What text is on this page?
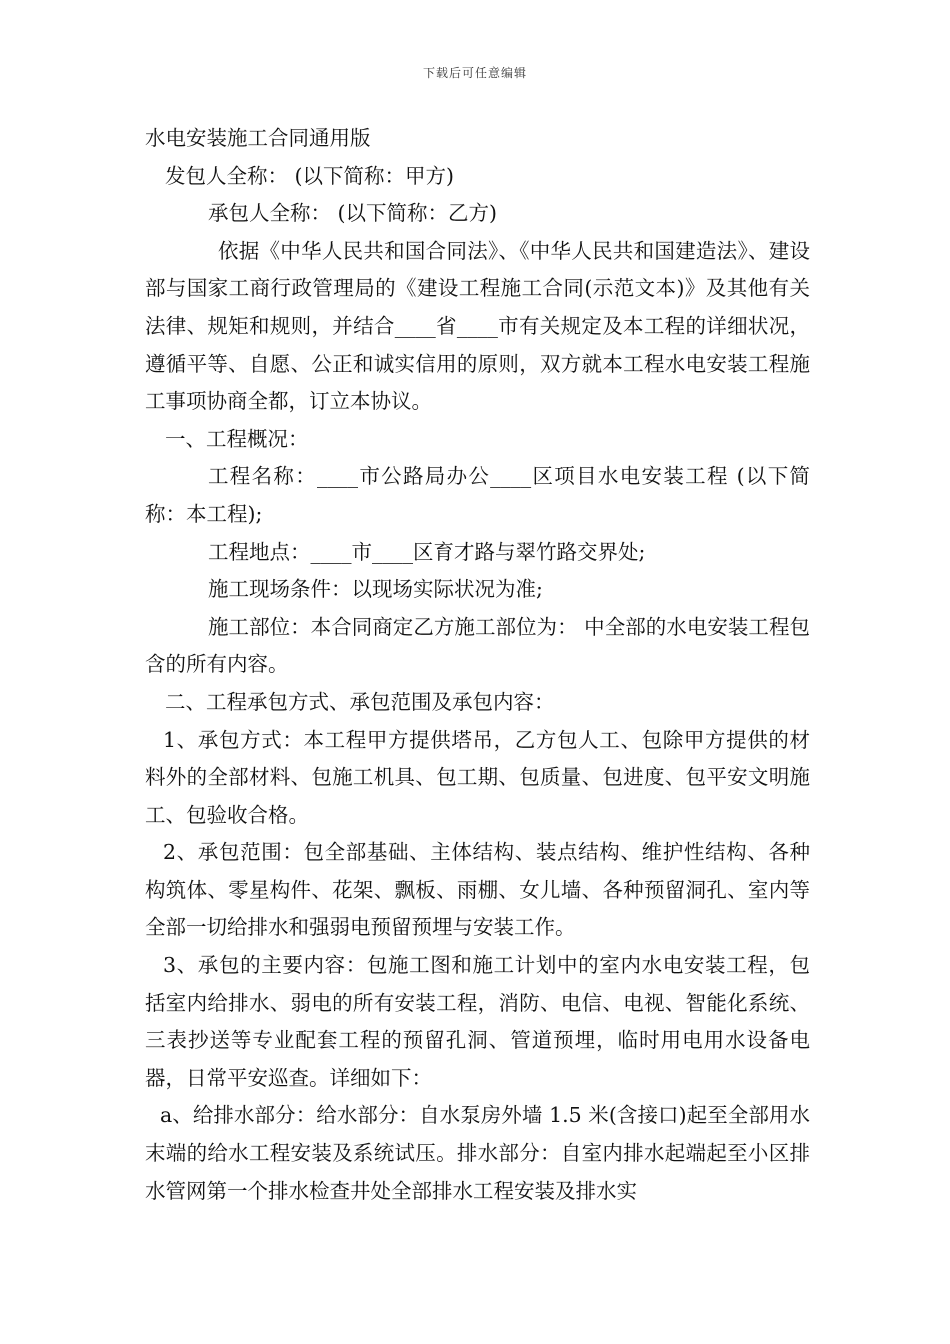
下载后可任意编辑
水电安装施工合同通用版

发包人全称： (以下简称：甲方)

承包人全称： (以下简称：乙方)

依据《中华人民共和国合同法》、《中华人民共和国建造法》、建设部与国家工商行政管理局的《建设工程施工合同(示范文本)》及其他有关法律、规矩和规则，并结合____省____市有关规定及本工程的详细状况，遵循平等、自愿、公正和诚实信用的原则，双方就本工程水电安装工程施工事项协商全都，订立本协议。

一、工程概况：

工程名称：____市公路局办公____区项目水电安装工程 (以下简称：本工程);

工程地点：____市____区育才路与翠竹路交界处;

施工现场条件：以现场实际状况为准;

施工部位：本合同商定乙方施工部位为： 中全部的水电安装工程包含的所有内容。

二、工程承包方式、承包范围及承包内容：

1、承包方式：本工程甲方提供塔吊，乙方包人工、包除甲方提供的材料外的全部材料、包施工机具、包工期、包质量、包进度、包平安文明施工、包验收合格。

2、承包范围：包全部基础、主体结构、装点结构、维护性结构、各种构筑体、零星构件、花架、飘板、雨棚、女儿墙、各种预留洞孔、室内等全部一切给排水和强弱电预留预埋与安装工作。

3、承包的主要内容：包施工图和施工计划中的室内水电安装工程，包括室内给排水、弱电的所有安装工程，消防、电信、电视、智能化系统、三表抄送等专业配套工程的预留孔洞、管道预埋，临时用电用水设备电器，日常平安巡查。详细如下：

a、给排水部分：给水部分：自水泵房外墙 1.5 米(含接口)起至全部用水末端的给水工程安装及系统试压。排水部分：自室内排水起端起至小区排水管网第一个排水检查井处全部排水工程安装及排水实
